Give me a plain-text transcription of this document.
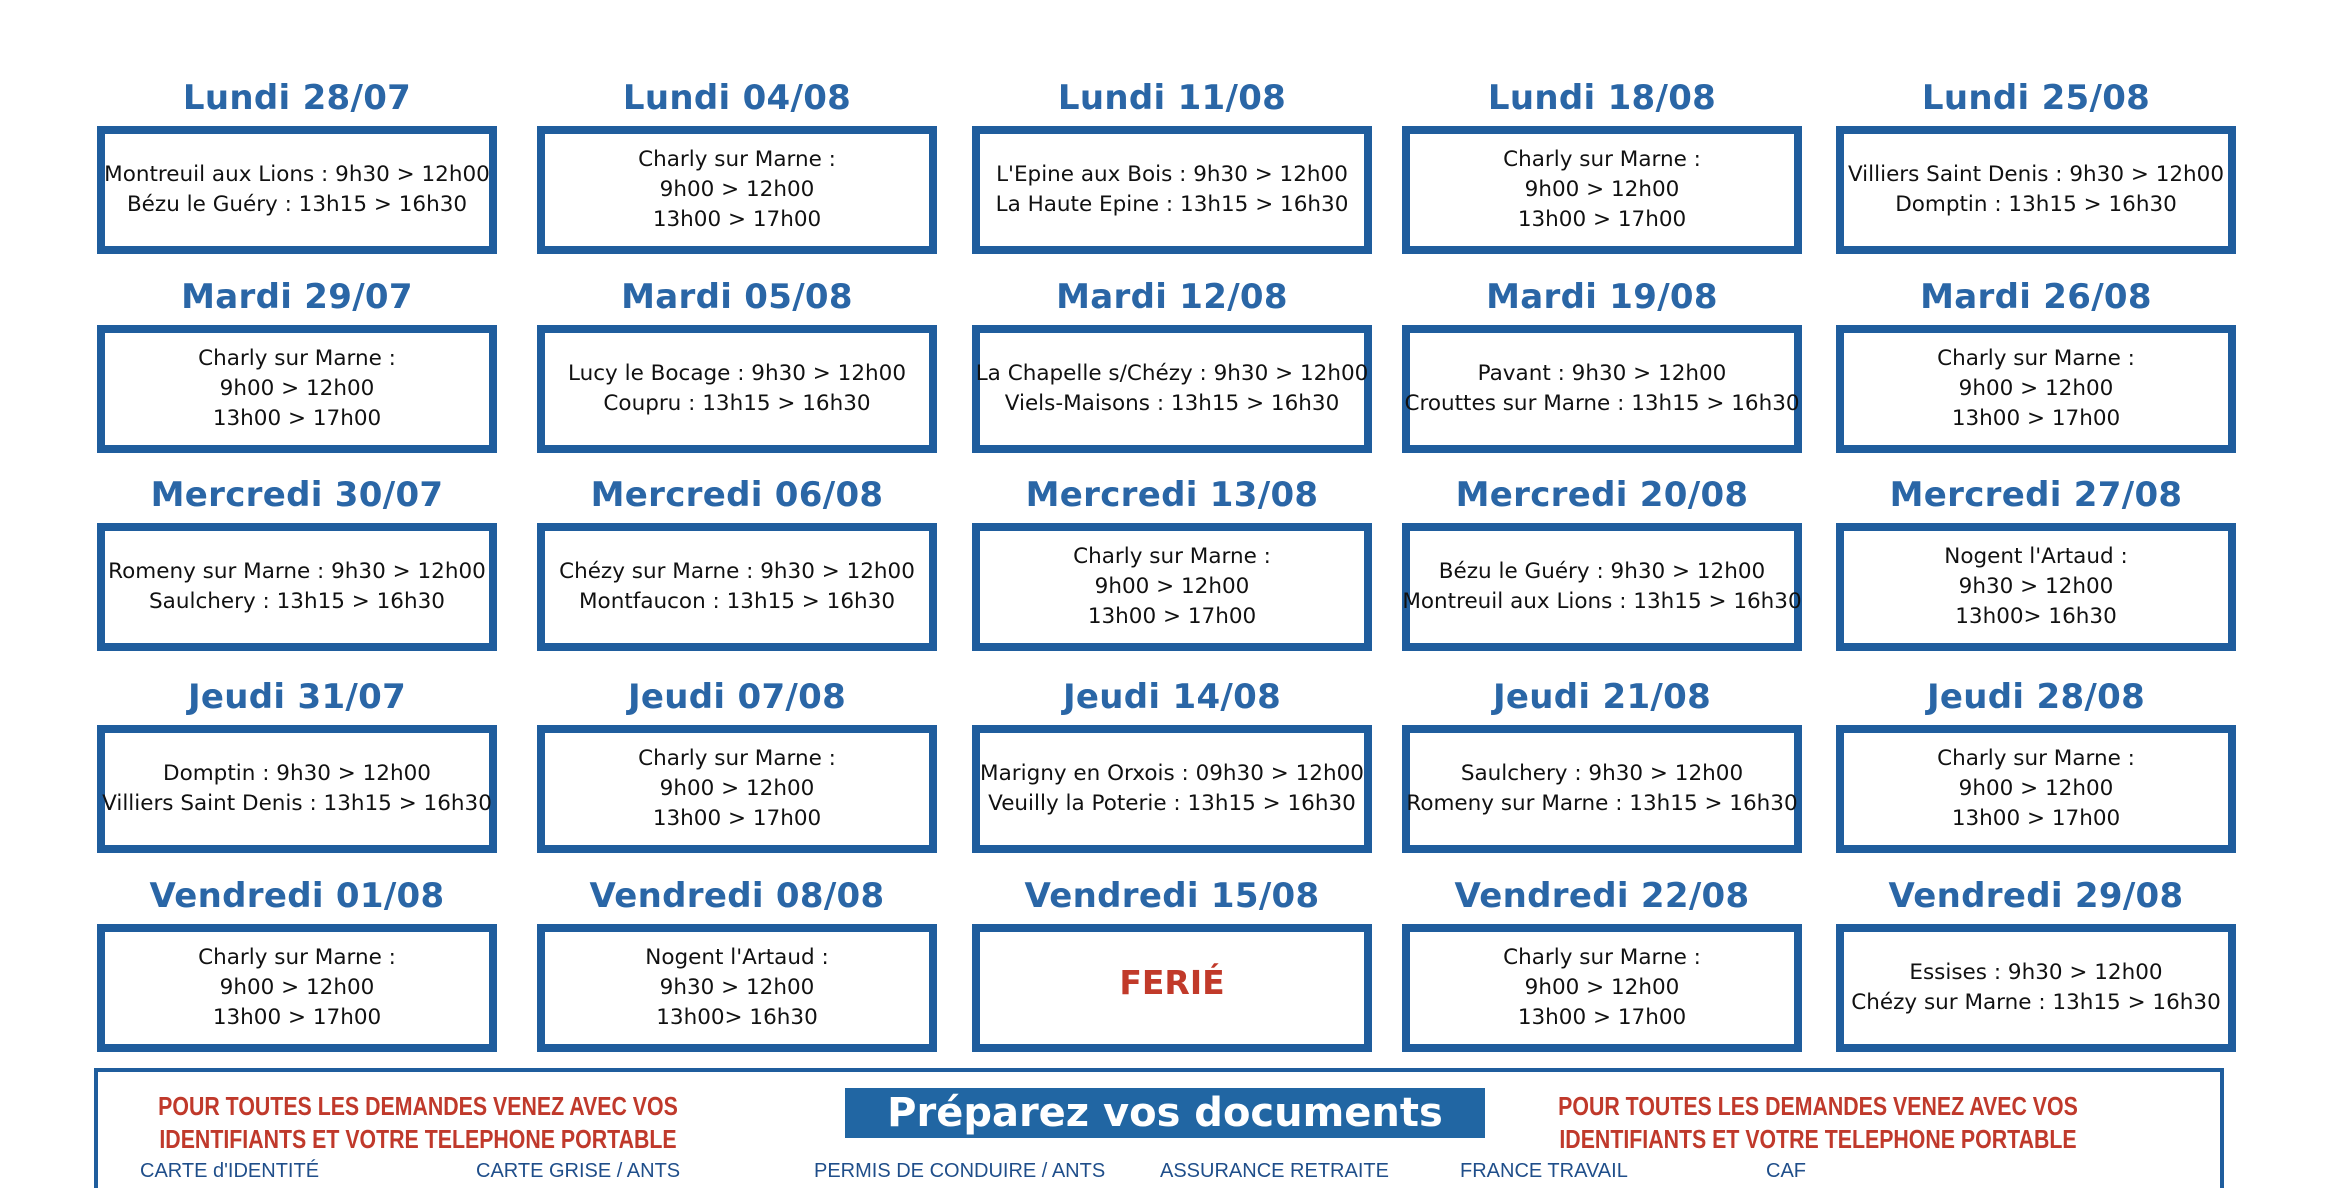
Lundi 28/07
Montreuil aux Lions : 9h30 > 12h00
Bézu le Guéry : 13h15 > 16h30
Lundi 04/08
Charly sur Marne :
9h00 > 12h00
13h00 > 17h00
Lundi 11/08
L'Epine aux Bois : 9h30 > 12h00
La Haute Epine : 13h15 > 16h30
Lundi 18/08
Charly sur Marne :
9h00 > 12h00
13h00 > 17h00
Lundi 25/08
Villiers Saint Denis : 9h30 > 12h00
Domptin : 13h15 > 16h30
Mardi 29/07
Charly sur Marne :
9h00 > 12h00
13h00 > 17h00
Mardi 05/08
Lucy le Bocage : 9h30 > 12h00
Coupru : 13h15 > 16h30
Mardi 12/08
La Chapelle s/Chézy : 9h30 > 12h00
Viels-Maisons : 13h15 > 16h30
Mardi 19/08
Pavant : 9h30 > 12h00
Crouttes sur Marne : 13h15 > 16h30
Mardi 26/08
Charly sur Marne :
9h00 > 12h00
13h00 > 17h00
Mercredi 30/07
Romeny sur Marne : 9h30 > 12h00
Saulchery : 13h15 > 16h30
Mercredi 06/08
Chézy sur Marne : 9h30 > 12h00
Montfaucon : 13h15 > 16h30
Mercredi 13/08
Charly sur Marne :
9h00 > 12h00
13h00 > 17h00
Mercredi 20/08
Bézu le Guéry : 9h30 > 12h00
Montreuil aux Lions : 13h15 > 16h30
Mercredi 27/08
Nogent l'Artaud :
9h30 > 12h00
13h00> 16h30
Jeudi 31/07
Domptin : 9h30 > 12h00
Villiers Saint Denis : 13h15 > 16h30
Jeudi 07/08
Charly sur Marne :
9h00 > 12h00
13h00 > 17h00
Jeudi 14/08
Marigny en Orxois : 09h30 > 12h00
Veuilly la Poterie : 13h15 > 16h30
Jeudi 21/08
Saulchery : 9h30 > 12h00
Romeny sur Marne : 13h15 > 16h30
Jeudi 28/08
Charly sur Marne :
9h00 > 12h00
13h00 > 17h00
Vendredi 01/08
Charly sur Marne :
9h00 > 12h00
13h00 > 17h00
Vendredi 08/08
Nogent l'Artaud :
9h30 > 12h00
13h00> 16h30
Vendredi 15/08
FERIÉ
Vendredi 22/08
Charly sur Marne :
9h00 > 12h00
13h00 > 17h00
Vendredi 29/08
Essises : 9h30 > 12h00
Chézy sur Marne : 13h15 > 16h30
POUR TOUTES LES DEMANDES VENEZ AVEC VOS IDENTIFIANTS ET VOTRE TELEPHONE PORTABLE
Préparez vos documents	POUR TOUTES LES DEMANDES VENEZ AVEC VOS IDENTIFIANTS ET VOTRE TELEPHONE PORTABLE
CARTE d'IDENTITÉ	CARTE GRISE / ANTS	PERMIS DE CONDUIRE / ANTS	ASSURANCE RETRAITE	FRANCE TRAVAIL	CAF
